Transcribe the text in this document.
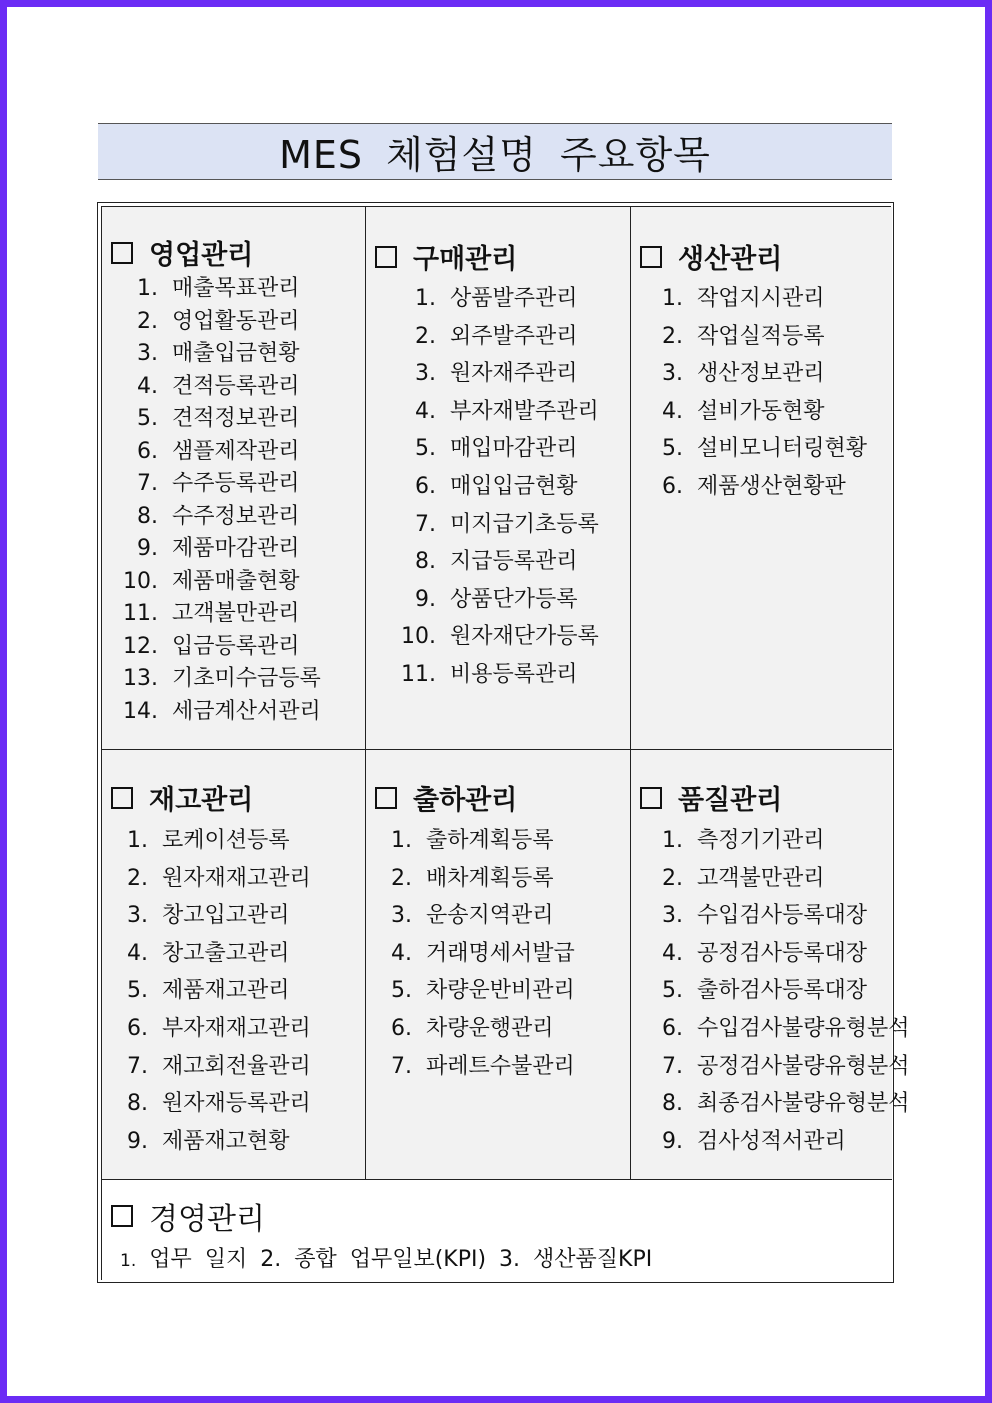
MES 체험설명 주요항목
영업관리
1. 매출목표관리
2. 영업활동관리
3. 매출입금현황
4. 견적등록관리
5. 견적정보관리
6. 샘플제작관리
7. 수주등록관리
8. 수주정보관리
9. 제품마감관리
10. 제품매출현황
11. 고객불만관리
12. 입금등록관리
13. 기초미수금등록
14. 세금계산서관리
구매관리
1. 상품발주관리
2. 외주발주관리
3. 원자재주관리
4. 부자재발주관리
5. 매입마감관리
6. 매입입금현황
7. 미지급기초등록
8. 지급등록관리
9. 상품단가등록
10. 원자재단가등록
11. 비용등록관리
생산관리
1. 작업지시관리
2. 작업실적등록
3. 생산정보관리
4. 설비가동현황
5. 설비모니터링현황
6. 제품생산현황판
재고관리
1. 로케이션등록
2. 원자재재고관리
3. 창고입고관리
4. 창고출고관리
5. 제품재고관리
6. 부자재재고관리
7. 재고회전율관리
8. 원자재등록관리
9. 제품재고현황
출하관리
1. 출하계획등록
2. 배차계획등록
3. 운송지역관리
4. 거래명세서발급
5. 차량운반비관리
6. 차량운행관리
7. 파레트수불관리
품질관리
1. 측정기기관리
2. 고객불만관리
3. 수입검사등록대장
4. 공정검사등록대장
5. 출하검사등록대장
6. 수입검사불량유형분석
7. 공정검사불량유형분석
8. 최종검사불량유형분석
9. 검사성적서관리
경영관리
1. 업무 일지 2. 종합 업무일보(KPI) 3. 생산품질KPI
